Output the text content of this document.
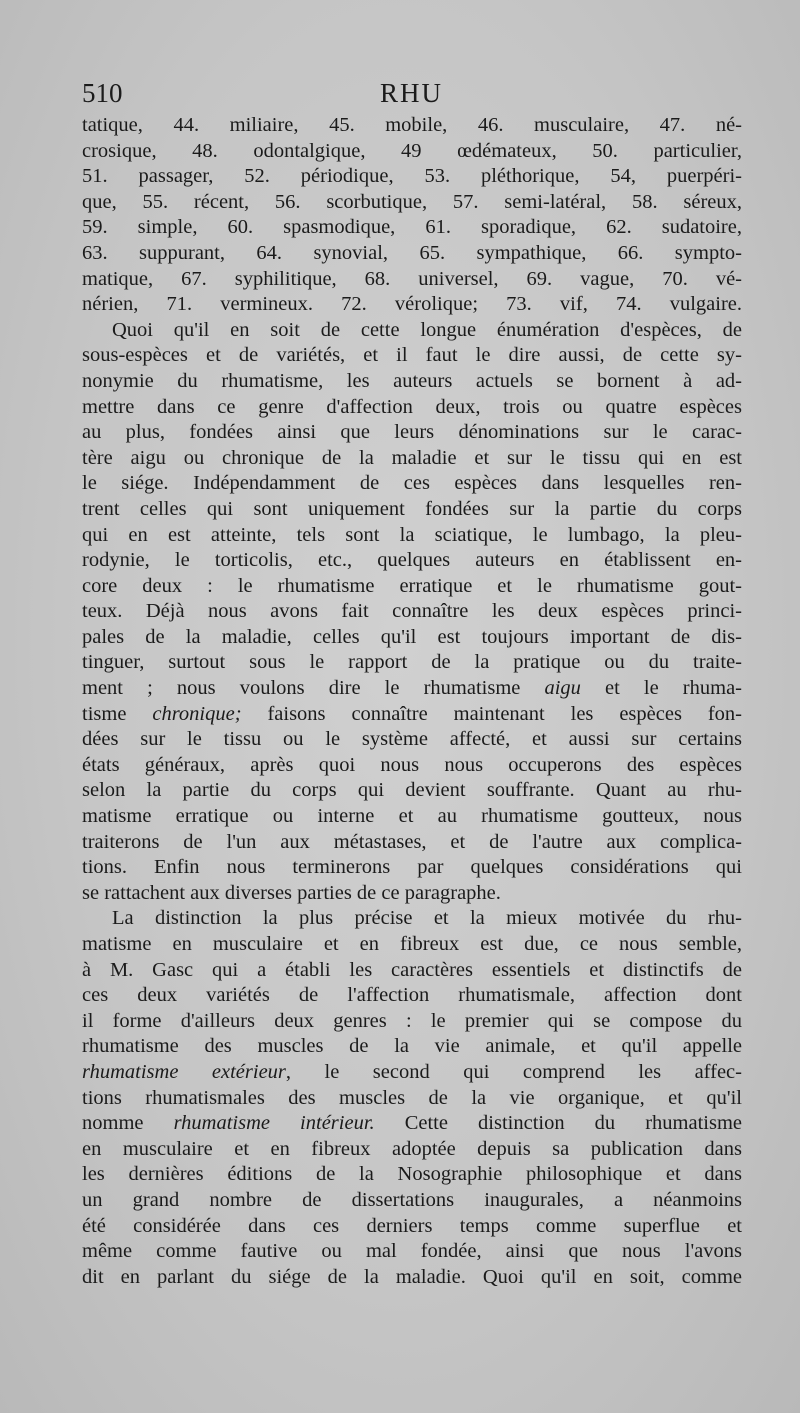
510	RHU
tatique, 44. miliaire, 45. mobile, 46. musculaire, 47. né-
crosique, 48. odontalgique, 49 œdémateux, 50. particulier,
51. passager, 52. périodique, 53. pléthorique, 54, puerpéri-
que, 55. récent, 56. scorbutique, 57. semi-latéral, 58. séreux,
59. simple, 60. spasmodique, 61. sporadique, 62. sudatoire,
63. suppurant, 64. synovial, 65. sympathique, 66. sympto-
matique, 67. syphilitique, 68. universel, 69. vague, 70. vé-
nérien, 71. vermineux. 72. vérolique; 73. vif, 74. vulgaire.
Quoi qu'il en soit de cette longue énumération d'espèces, de
sous-espèces et de variétés, et il faut le dire aussi, de cette sy-
nonymie du rhumatisme, les auteurs actuels se bornent à ad-
mettre dans ce genre d'affection deux, trois ou quatre espèces
au plus, fondées ainsi que leurs dénominations sur le carac-
tère aigu ou chronique de la maladie et sur le tissu qui en est
le siége. Indépendamment de ces espèces dans lesquelles ren-
trent celles qui sont uniquement fondées sur la partie du corps
qui en est atteinte, tels sont la sciatique, le lumbago, la pleu-
rodynie, le torticolis, etc., quelques auteurs en établissent en-
core deux : le rhumatisme erratique et le rhumatisme gout-
teux. Déjà nous avons fait connaître les deux espèces princi-
pales de la maladie, celles qu'il est toujours important de dis-
tinguer, surtout sous le rapport de la pratique ou du traite-
ment ; nous voulons dire le rhumatisme aigu et le rhuma-
tisme chronique; faisons connaître maintenant les espèces fon-
dées sur le tissu ou le système affecté, et aussi sur certains
états généraux, après quoi nous nous occuperons des espèces
selon la partie du corps qui devient souffrante. Quant au rhu-
matisme erratique ou interne et au rhumatisme goutteux, nous
traiterons de l'un aux métastases, et de l'autre aux complica-
tions. Enfin nous terminerons par quelques considérations qui
se rattachent aux diverses parties de ce paragraphe.
La distinction la plus précise et la mieux motivée du rhu-
matisme en musculaire et en fibreux est due, ce nous semble,
à M. Gasc qui a établi les caractères essentiels et distinctifs de
ces deux variétés de l'affection rhumatismale, affection dont
il forme d'ailleurs deux genres : le premier qui se compose du
rhumatisme des muscles de la vie animale, et qu'il appelle
rhumatisme extérieur, le second qui comprend les affec-
tions rhumatismales des muscles de la vie organique, et qu'il
nomme rhumatisme intérieur. Cette distinction du rhumatisme
en musculaire et en fibreux adoptée depuis sa publication dans
les dernières éditions de la Nosographie philosophique et dans
un grand nombre de dissertations inaugurales, a néanmoins
été considérée dans ces derniers temps comme superflue et
même comme fautive ou mal fondée, ainsi que nous l'avons
dit en parlant du siége de la maladie. Quoi qu'il en soit, comme
